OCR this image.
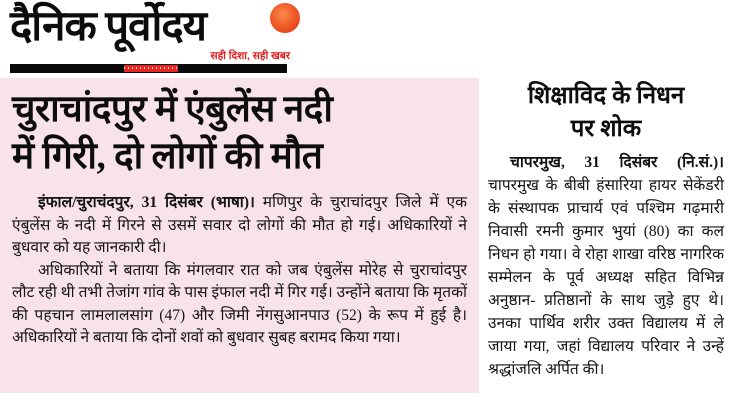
दैनिक पूर्वोदय
सही दिशा, सही खबर
चुराचांदपुर में एंबुलेंस नदी
में गिरी, दो लोगों की मौत

इंफाल/चुराचंदपुर, 31 दिसंबर (भाषा)। मणिपुर के चुराचांदपुर जिले में एक एंबुलेंस के नदी में गिरने से उसमें सवार दो लोगों की मौत हो गई। अधिकारियों ने बुधवार को यह जानकारी दी।

अधिकारियों ने बताया कि मंगलवार रात को जब एंबुलेंस मोरेह से चुराचांदपुर लौट रही थी तभी तेजांग गांव के पास इंफाल नदी में गिर गई। उन्होंने बताया कि मृतकों की पहचान लामलालसांग (47) और जिमी नेंगसुआनपाउ (52) के रूप में हुई है। अधिकारियों ने बताया कि दोनों शवों को बुधवार सुबह बरामद किया गया।

शिक्षाविद के निधन
पर शोक

चापरमुख, 31 दिसंबर (नि.सं.)। चापरमुख के बीबी हंसारिया हायर सेकेंडरी के संस्थापक प्राचार्य एवं पश्चिम गढ़मारी निवासी रमनी कुमार भुयां (80) का कल निधन हो गया। वे रोहा शाखा वरिष्ठ नागरिक सम्मेलन के पूर्व अध्यक्ष सहित विभिन्न अनुष्ठान- प्रतिष्ठानों के साथ जुड़े हुए थे। उनका पार्थिव शरीर उक्त विद्यालय में ले जाया गया, जहां विद्यालय परिवार ने उन्हें श्रद्धांजलि अर्पित की।
